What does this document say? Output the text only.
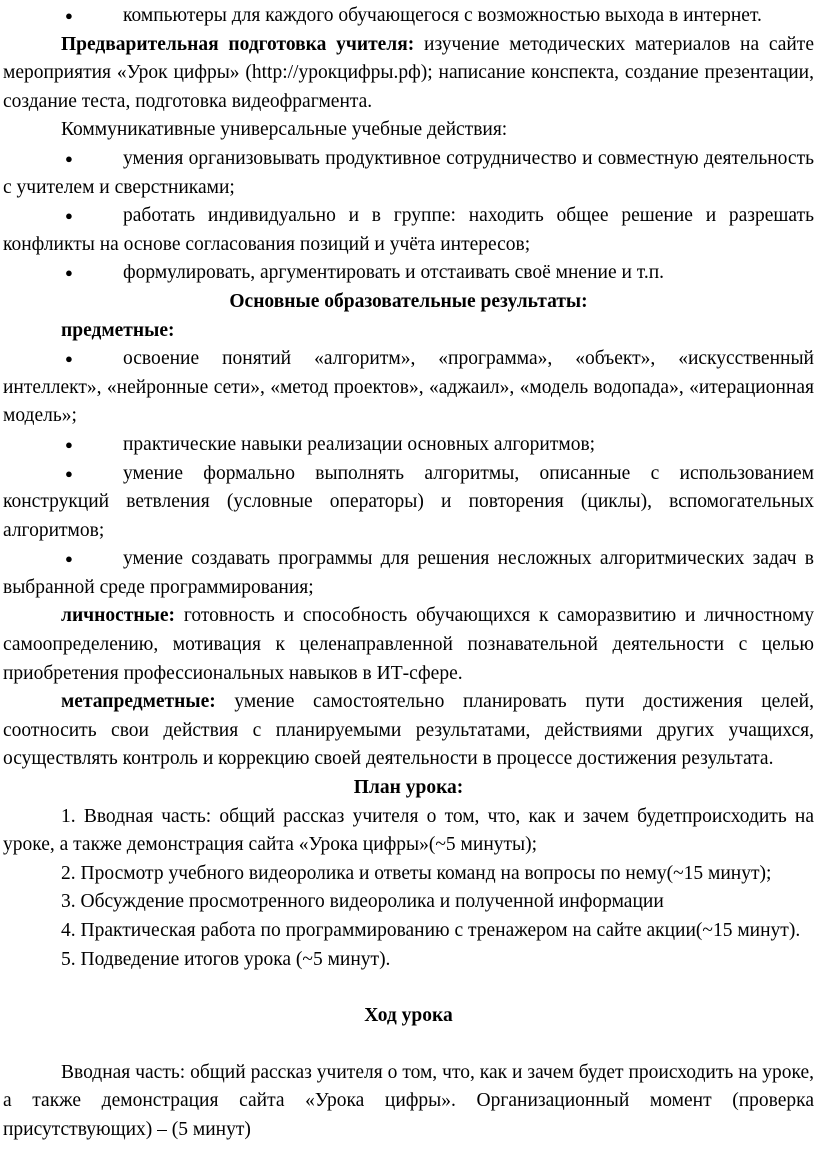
●	компьютеры для каждого обучающегося с возможностью выхода в интернет.

Предварительная подготовка учителя: изучение методических материалов на сайте мероприятия «Урок цифры» (http://урокцифры.рф); написание конспекта, создание презентации, создание теста, подготовка видеофрагмента.

Коммуникативные универсальные учебные действия:

●	умения организовывать продуктивное сотрудничество и совместную деятельность с учителем и сверстниками;

●	работать индивидуально и в группе: находить общее решение и разрешать конфликты на основе согласования позиций и учёта интересов;

●	формулировать, аргументировать и отстаивать своё мнение и т.п.

Основные образовательные результаты:

предметные:

●	освоение понятий «алгоритм», «программа», «объект», «искусственный интеллект», «нейронные сети», «метод проектов», «аджаил», «модель водопада», «итерационная модель»;

●	практические навыки реализации основных алгоритмов;

●	умение формально выполнять алгоритмы, описанные с использованием конструкций ветвления (условные операторы) и повторения (циклы), вспомогательных алгоритмов;

●	умение создавать программы для решения несложных алгоритмических задач в выбранной среде программирования;

личностные: готовность и способность обучающихся к саморазвитию и личностному самоопределению, мотивация к целенаправленной познавательной деятельности с целью приобретения профессиональных навыков в ИТ-сфере.

метапредметные: умение самостоятельно планировать пути достижения целей, соотносить свои действия с планируемыми результатами, действиями других учащихся, осуществлять контроль и коррекцию своей деятельности в процессе достижения результата.

План урока:

1. Вводная часть: общий рассказ учителя о том, что, как и зачем будетпроисходить на уроке, а также демонстрация сайта «Урока цифры»(~5 минуты);

2. Просмотр учебного видеоролика и ответы команд на вопросы по нему(~15 минут);

3. Обсуждение просмотренного видеоролика и полученной информации

4. Практическая работа по программированию с тренажером на сайте акции(~15 минут).

5. Подведение итогов урока (~5 минут).

Ход урока

Вводная часть: общий рассказ учителя о том, что, как и зачем будет происходить на уроке, а также демонстрация сайта «Урока цифры». Организационный момент (проверка присутствующих) – (5 минут)
